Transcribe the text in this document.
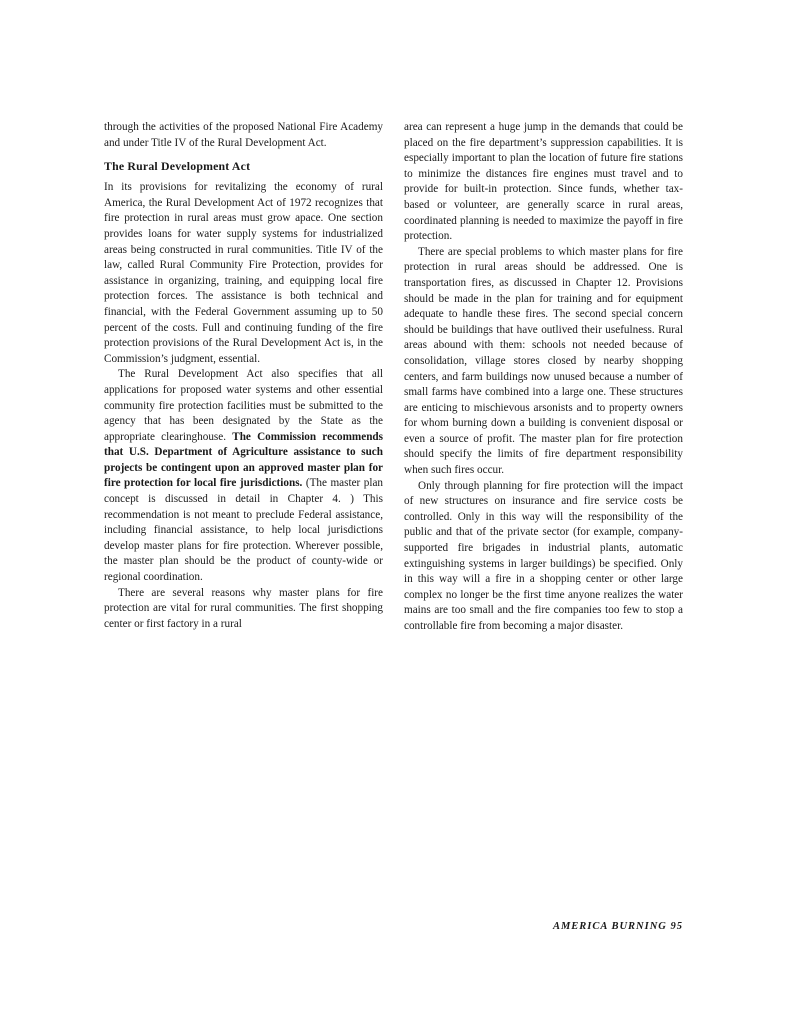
through the activities of the proposed National Fire Academy and under Title IV of the Rural Development Act.

The Rural Development Act

In its provisions for revitalizing the economy of rural America, the Rural Development Act of 1972 recognizes that fire protection in rural areas must grow apace. One section provides loans for water supply systems for industrialized areas being constructed in rural communities. Title IV of the law, called Rural Community Fire Protection, provides for assistance in organizing, training, and equipping local fire protection forces. The assistance is both technical and financial, with the Federal Government assuming up to 50 percent of the costs. Full and continuing funding of the fire protection provisions of the Rural Development Act is, in the Commission’s judgment, essential.

The Rural Development Act also specifies that all applications for proposed water systems and other essential community fire protection facilities must be submitted to the agency that has been designated by the State as the appropriate clearinghouse. The Commission recommends that U.S. Department of Agriculture assistance to such projects be contingent upon an approved master plan for fire protection for local fire jurisdictions. (The master plan concept is discussed in detail in Chapter 4. ) This recommendation is not meant to preclude Federal assistance, including financial assistance, to help local jurisdictions develop master plans for fire protection. Wherever possible, the master plan should be the product of county-wide or regional coordination.

There are several reasons why master plans for fire protection are vital for rural communities. The first shopping center or first factory in a rural

area can represent a huge jump in the demands that could be placed on the fire department’s suppression capabilities. It is especially important to plan the location of future fire stations to minimize the distances fire engines must travel and to provide for built-in protection. Since funds, whether tax-based or volunteer, are generally scarce in rural areas, coordinated planning is needed to maximize the payoff in fire protection.

There are special problems to which master plans for fire protection in rural areas should be addressed. One is transportation fires, as discussed in Chapter 12. Provisions should be made in the plan for training and for equipment adequate to handle these fires. The second special concern should be buildings that have outlived their usefulness. Rural areas abound with them: schools not needed because of consolidation, village stores closed by nearby shopping centers, and farm buildings now unused because a number of small farms have combined into a large one. These structures are enticing to mischievous arsonists and to property owners for whom burning down a building is convenient disposal or even a source of profit. The master plan for fire protection should specify the limits of fire department responsibility when such fires occur.

Only through planning for fire protection will the impact of new structures on insurance and fire service costs be controlled. Only in this way will the responsibility of the public and that of the private sector (for example, company-supported fire brigades in industrial plants, automatic extinguishing systems in larger buildings) be specified. Only in this way will a fire in a shopping center or other large complex no longer be the first time anyone realizes the water mains are too small and the fire companies too few to stop a controllable fire from becoming a major disaster.

AMERICA BURNING 95
